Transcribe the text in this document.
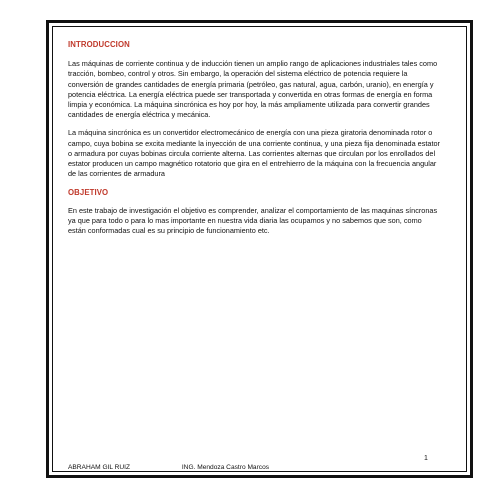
INTRODUCCION

Las máquinas de corriente continua y de inducción tienen un amplio rango de aplicaciones industriales tales como tracción, bombeo, control y otros. Sin embargo, la operación del sistema eléctrico de potencia requiere la conversión de grandes cantidades de energía primaria (petróleo, gas natural, agua, carbón, uranio), en energía y potencia eléctrica. La energía eléctrica puede ser transportada y convertida en otras formas de energía en forma limpia y económica. La máquina sincrónica es hoy por hoy, la más ampliamente utilizada para convertir grandes cantidades de energía eléctrica y mecánica.

La máquina sincrónica es un convertidor electromecánico de energía con una pieza giratoria denominada rotor o campo, cuya bobina se excita mediante la inyección de una corriente continua, y una pieza fija denominada estator o armadura por cuyas bobinas circula corriente alterna. Las corrientes alternas que circulan por los enrollados del estator producen un campo magnético rotatorio que gira en el entrehierro de la máquina con la frecuencia angular de las corrientes de armadura

OBJETIVO

En este trabajo de investigación el objetivo es comprender, analizar el comportamiento de las maquinas síncronas ya que para todo o para lo mas importante en nuestra vida diaria las ocupamos y no sabemos que son, como están conformadas cual es su principio de funcionamiento etc.

1
ABRAHAM GIL RUIZ	ING. Mendoza Castro Marcos
